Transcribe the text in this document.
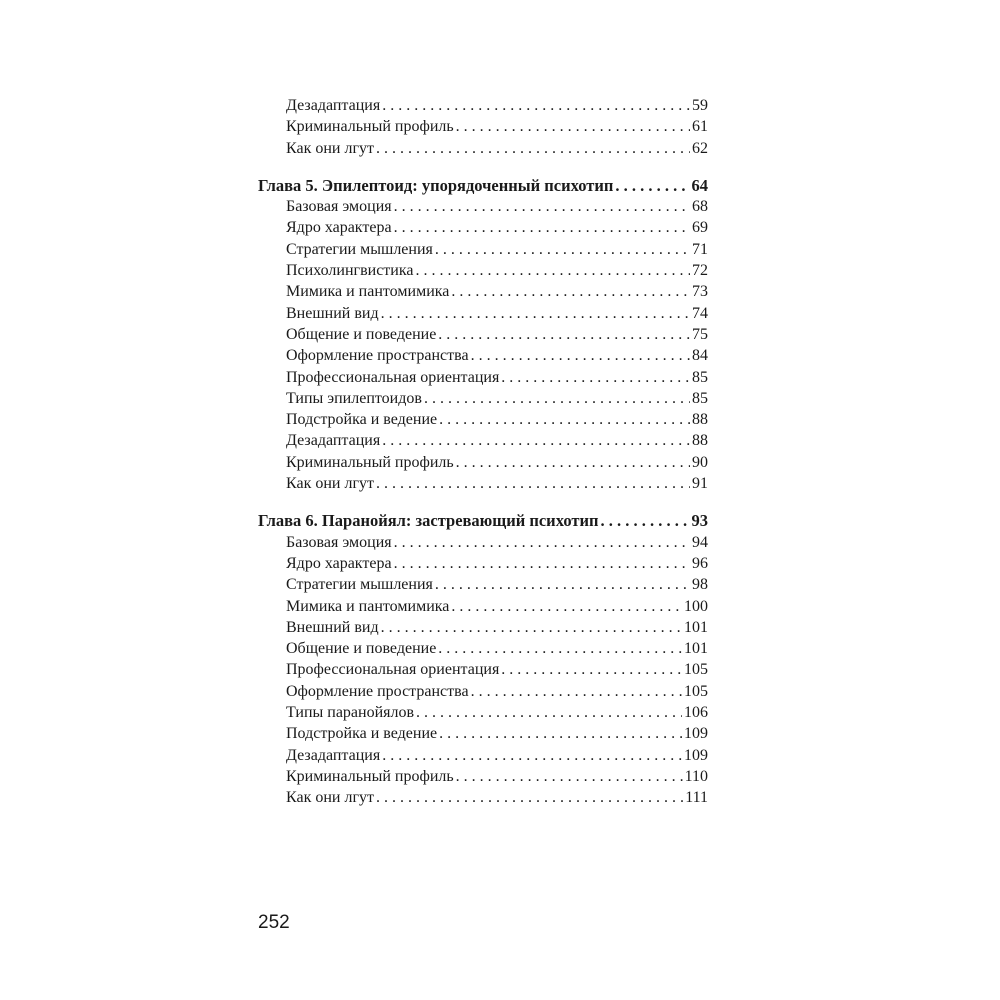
Дезадаптация . . .	59
Криминальный профиль . . .	61
Как они лгут . . .	62
Глава 5. Эпилептоид: упорядоченный психотип . . .	64
Базовая эмоция . . .	68
Ядро характера . . .	69
Стратегии мышления . . .	71
Психолингвистика . . .	72
Мимика и пантомимика . . .	73
Внешний вид . . .	74
Общение и поведение . . .	75
Оформление пространства . . .	84
Профессиональная ориентация . . .	85
Типы эпилептоидов . . .	85
Подстройка и ведение . . .	88
Дезадаптация . . .	88
Криминальный профиль . . .	90
Как они лгут . . .	91
Глава 6. Паранойял: застревающий психотип . . .	93
Базовая эмоция . . .	94
Ядро характера . . .	96
Стратегии мышления . . .	98
Мимика и пантомимика . . .	100
Внешний вид . . .	101
Общение и поведение . . .	101
Профессиональная ориентация . . .	105
Оформление пространства . . .	105
Типы паранойялов . . .	106
Подстройка и ведение . . .	109
Дезадаптация . . .	109
Криминальный профиль . . .	110
Как они лгут . . .	111
252
